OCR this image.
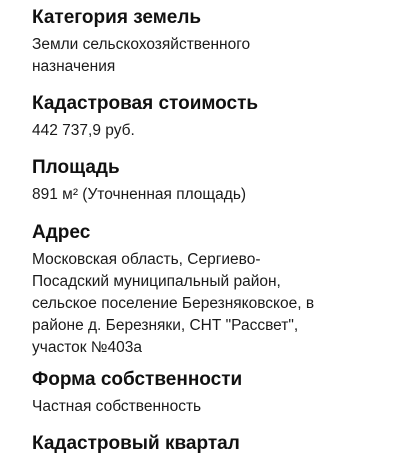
Категория земель
Земли сельскохозяйственного
назначения
Кадастровая стоимость
442 737,9 руб.
Площадь
891 м² (Уточненная площадь)
Адрес
Московская область, Сергиево-
Посадский муниципальный район,
сельское поселение Березняковское, в
районе д. Березняки, СНТ "Рассвет",
участок №403а
Форма собственности
Частная собственность
Кадастровый квартал
